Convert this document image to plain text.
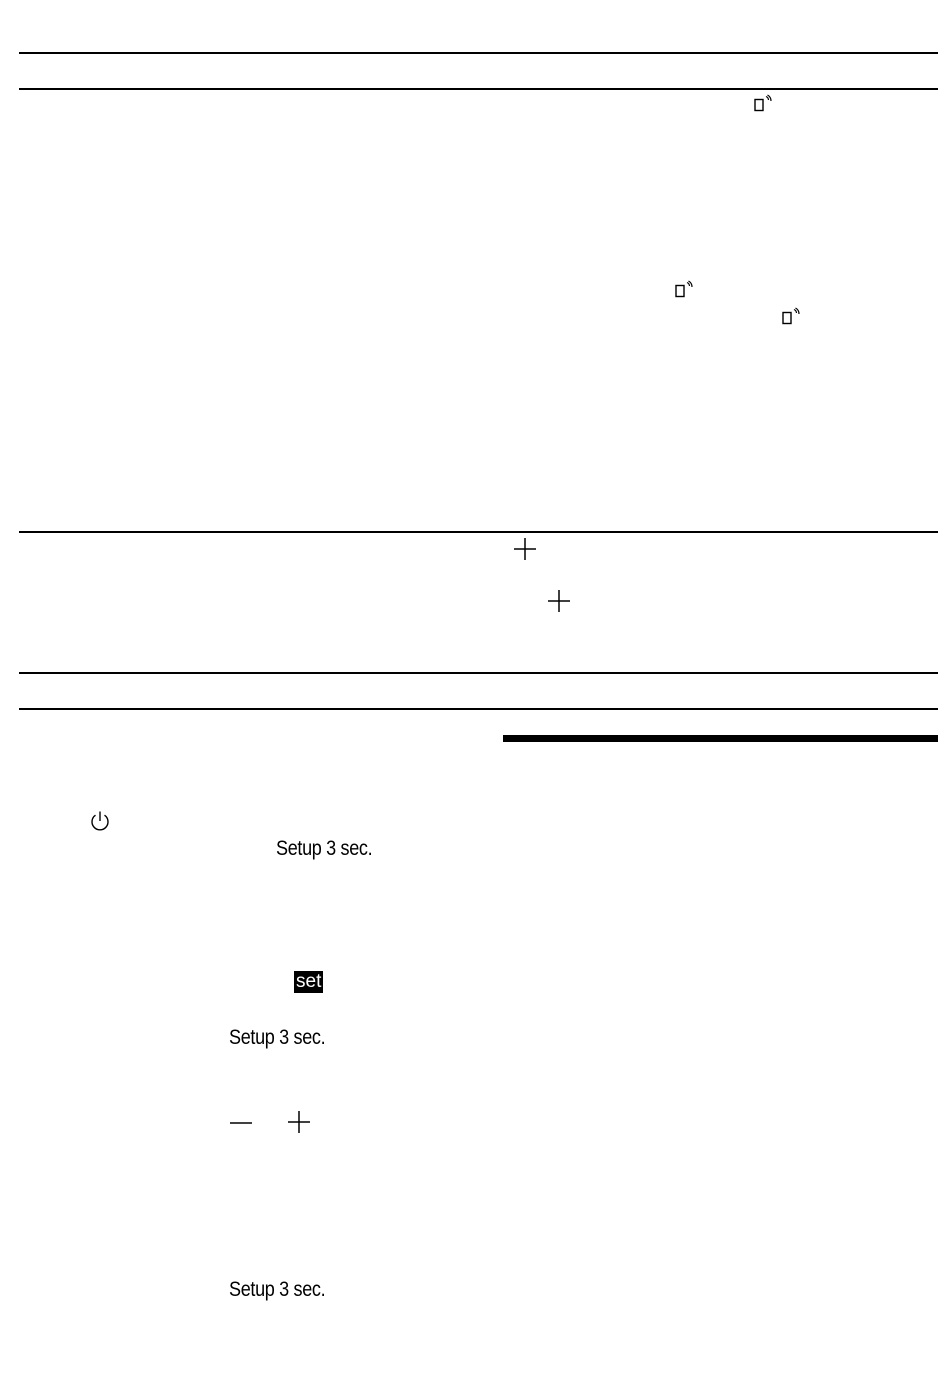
Setup 3 sec.
set
Setup 3 sec.
Setup 3 sec.
